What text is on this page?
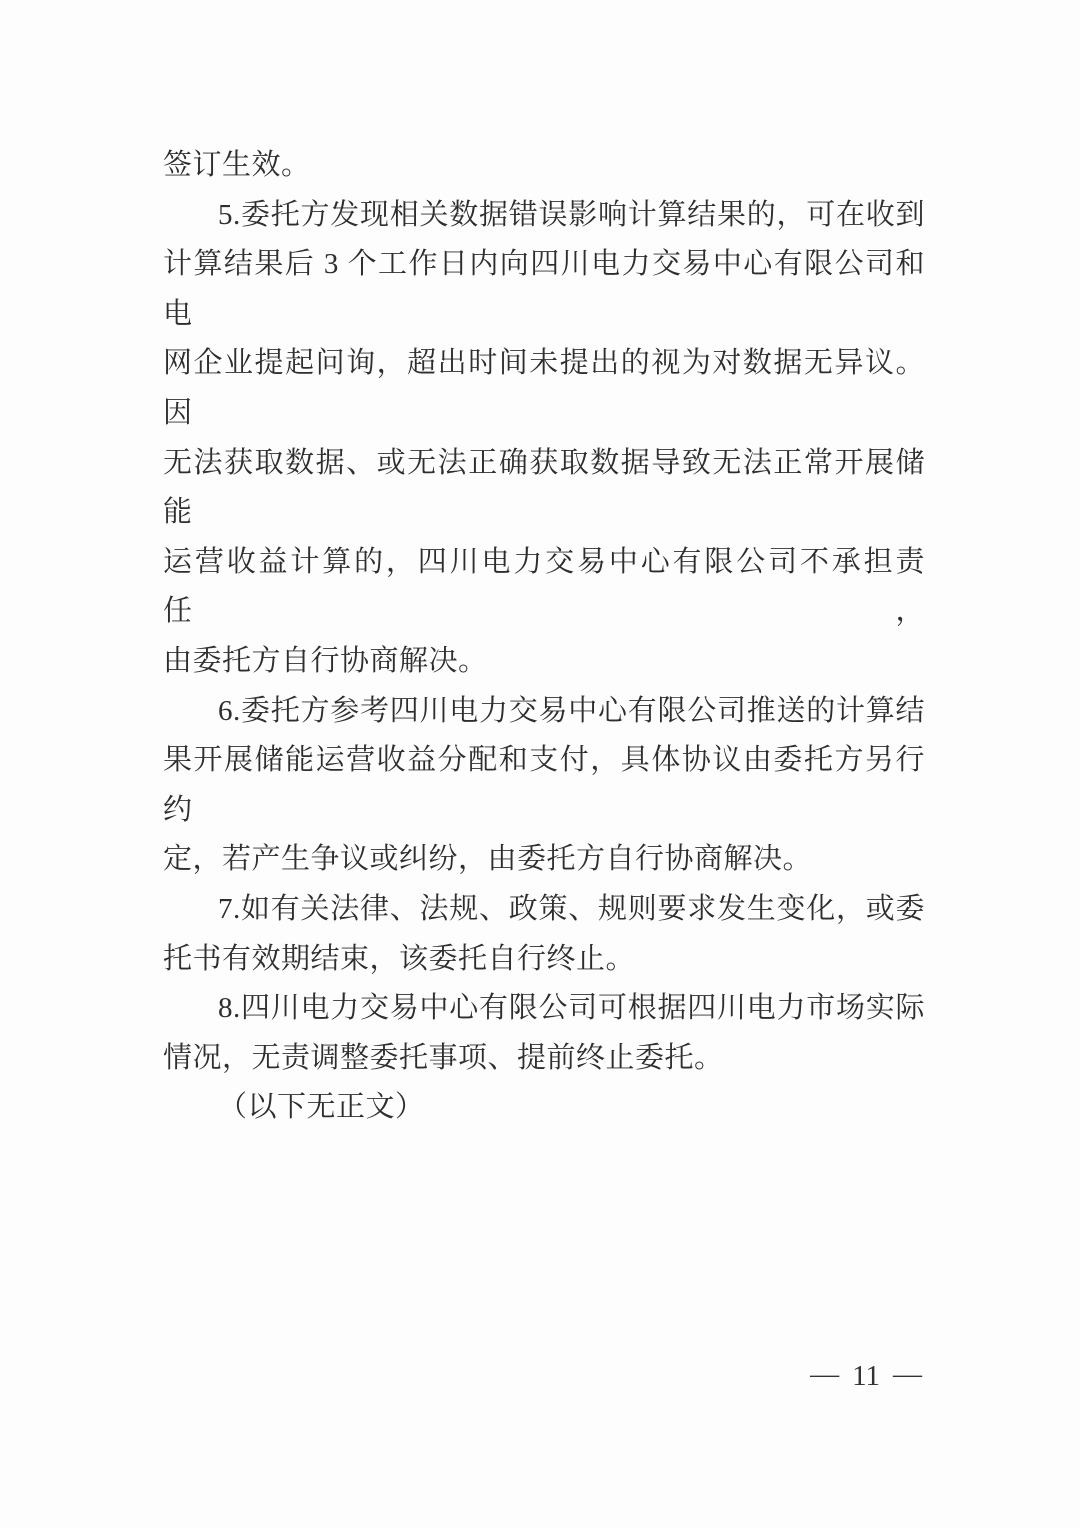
签订生效。
5.委托方发现相关数据错误影响计算结果的，可在收到
计算结果后 3 个工作日内向四川电力交易中心有限公司和电
网企业提起问询，超出时间未提出的视为对数据无异议。因
无法获取数据、或无法正确获取数据导致无法正常开展储能
运营收益计算的，四川电力交易中心有限公司不承担责任，
由委托方自行协商解决。
6.委托方参考四川电力交易中心有限公司推送的计算结
果开展储能运营收益分配和支付，具体协议由委托方另行约
定，若产生争议或纠纷，由委托方自行协商解决。
7.如有关法律、法规、政策、规则要求发生变化，或委
托书有效期结束，该委托自行终止。
8.四川电力交易中心有限公司可根据四川电力市场实际
情况，无责调整委托事项、提前终止委托。
（以下无正文）
— 11 —
